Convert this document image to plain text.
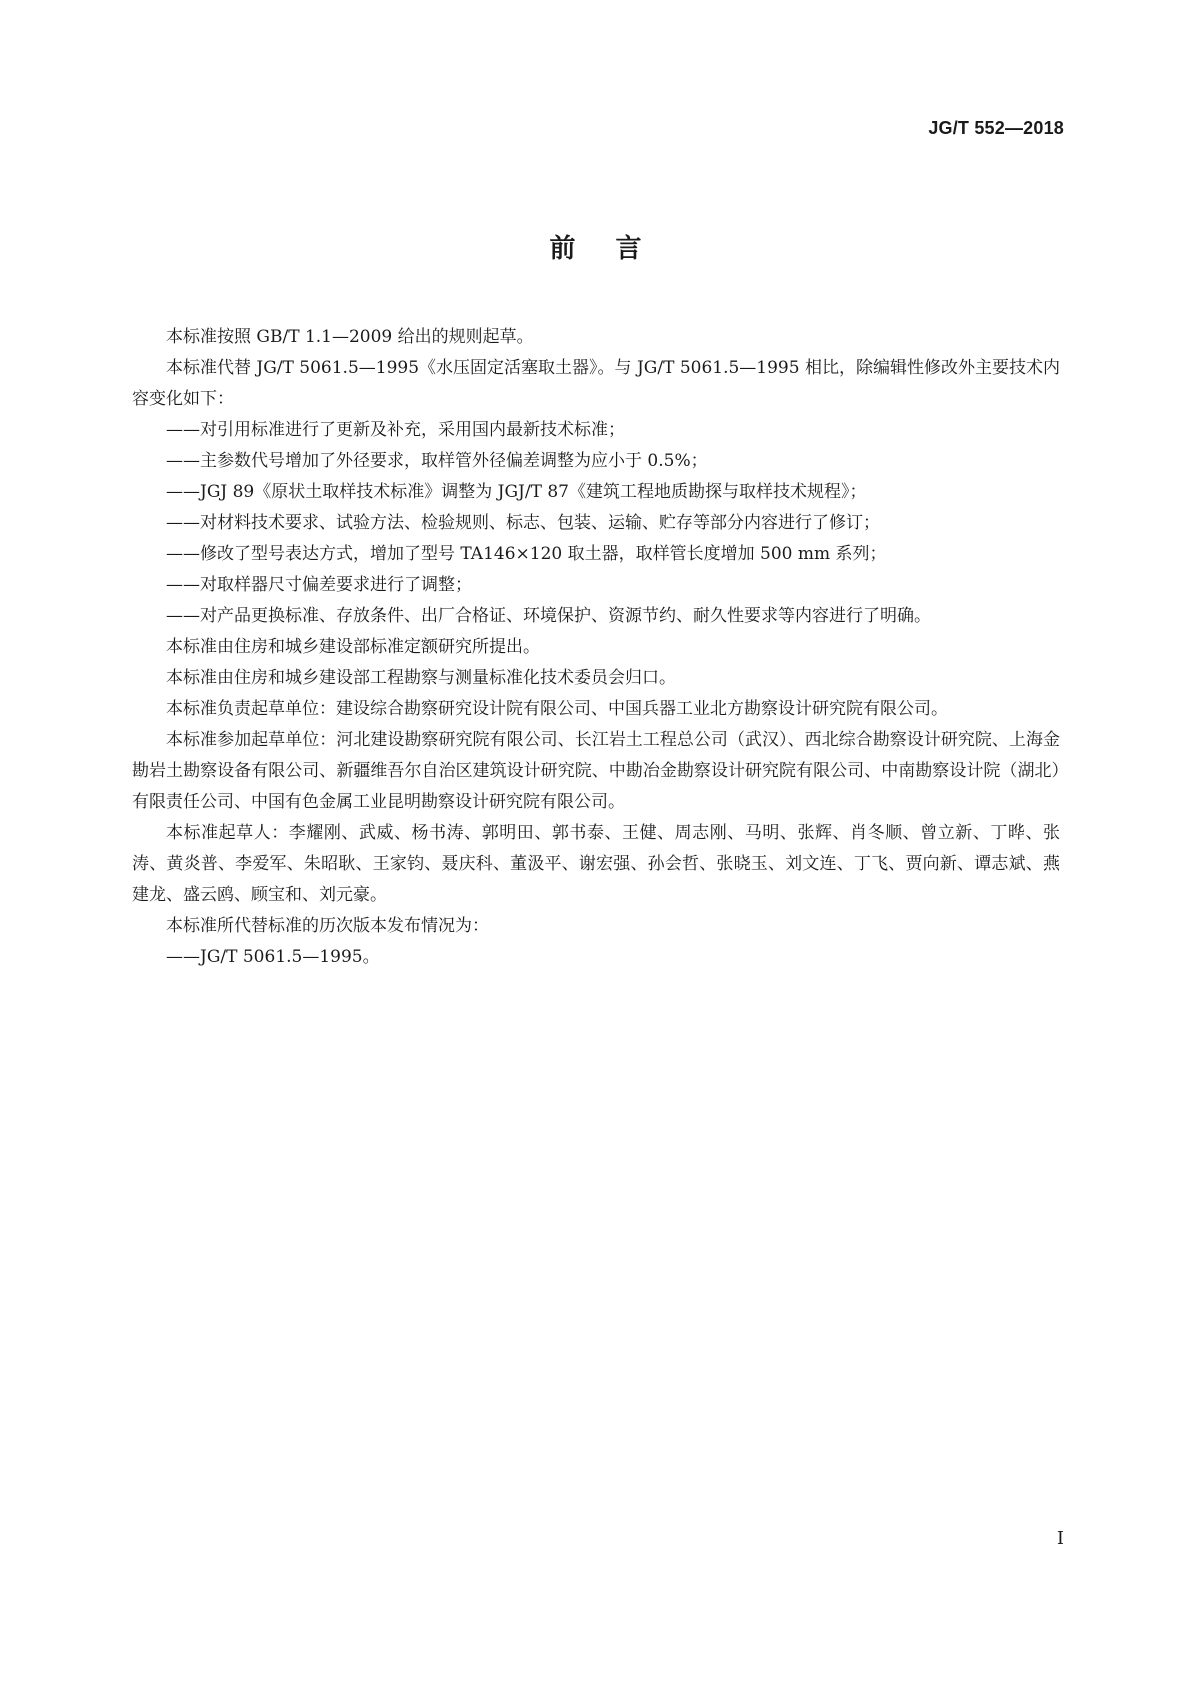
JG/T 552—2018
前言

本标准按照 GB/T 1.1—2009 给出的规则起草。

本标准代替 JG/T 5061.5—1995《水压固定活塞取土器》。与 JG/T 5061.5—1995 相比，除编辑性修改外主要技术内容变化如下：

——对引用标准进行了更新及补充，采用国内最新技术标准；

——主参数代号增加了外径要求，取样管外径偏差调整为应小于 0.5%；

——JGJ 89《原状土取样技术标准》调整为 JGJ/T 87《建筑工程地质勘探与取样技术规程》；

——对材料技术要求、试验方法、检验规则、标志、包装、运输、贮存等部分内容进行了修订；

——修改了型号表达方式，增加了型号 TA146×120 取土器，取样管长度增加 500 mm 系列；

——对取样器尺寸偏差要求进行了调整；

——对产品更换标准、存放条件、出厂合格证、环境保护、资源节约、耐久性要求等内容进行了明确。

本标准由住房和城乡建设部标准定额研究所提出。

本标准由住房和城乡建设部工程勘察与测量标准化技术委员会归口。

本标准负责起草单位：建设综合勘察研究设计院有限公司、中国兵器工业北方勘察设计研究院有限公司。

本标准参加起草单位：河北建设勘察研究院有限公司、长江岩土工程总公司（武汉）、西北综合勘察设计研究院、上海金勘岩土勘察设备有限公司、新疆维吾尔自治区建筑设计研究院、中勘冶金勘察设计研究院有限公司、中南勘察设计院（湖北）有限责任公司、中国有色金属工业昆明勘察设计研究院有限公司。

本标准起草人：李耀刚、武威、杨书涛、郭明田、郭书泰、王健、周志刚、马明、张辉、肖冬顺、曾立新、丁晔、张涛、黄炎普、李爱军、朱昭耿、王家钧、聂庆科、董汲平、谢宏强、孙会哲、张晓玉、刘文连、丁飞、贾向新、谭志斌、燕建龙、盛云鸥、顾宝和、刘元豪。

本标准所代替标准的历次版本发布情况为：

——JG/T 5061.5—1995。

I
